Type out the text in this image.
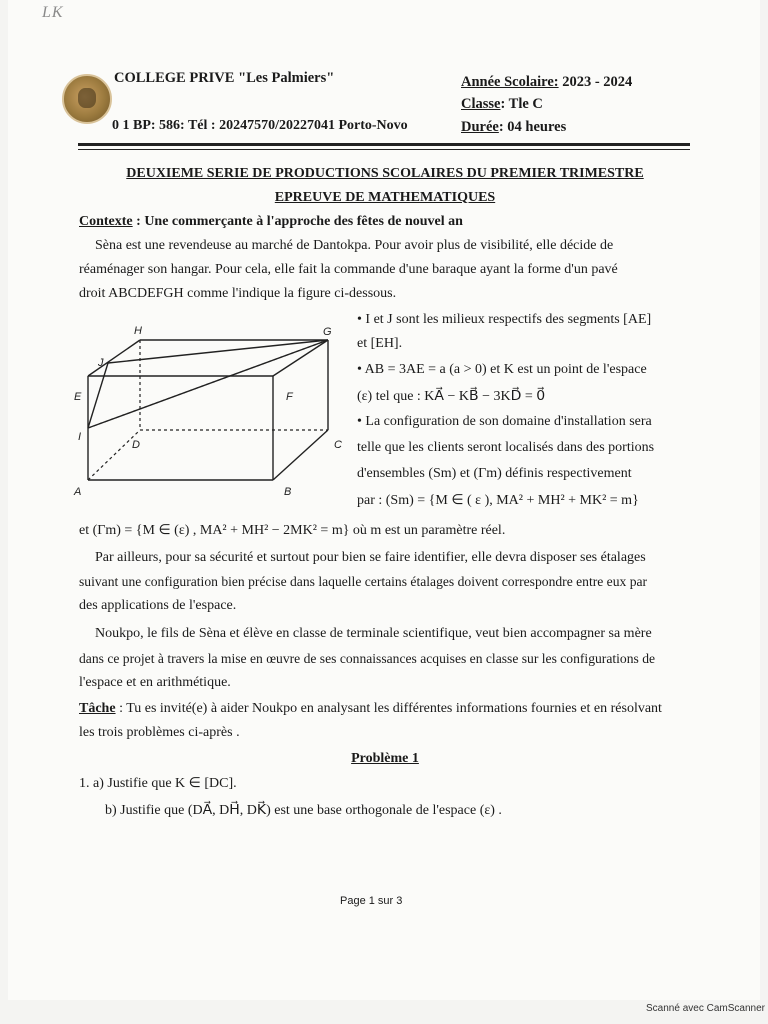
LK
COLLEGE PRIVE "Les Palmiers"
0 1 BP: 586: Tél : 20247570/20227041 Porto-Novo
Année Scolaire: 2023 - 2024
Classe: Tle C
Durée: 04 heures
DEUXIEME SERIE DE PRODUCTIONS SCOLAIRES DU PREMIER TRIMESTRE
EPREUVE DE MATHEMATIQUES
Contexte : Une commerçante à l'approche des fêtes de nouvel an
Sèna est une revendeuse au marché de Dantokpa. Pour avoir plus de visibilité, elle décide de
réaménager son hangar. Pour cela, elle fait la commande d'une baraque ayant la forme d'un pavé
droit ABCDEFGH comme l'indique la figure ci-dessous.
H	G
J
E	F
I
D	C
A	B
• I et J sont les milieux respectifs des segments [AE]
et [EH].
• AB = 3AE = a (a > 0) et K est un point de l'espace
(ε) tel que : KA⃗ − KB⃗ − 3KD⃗ = 0⃗
• La configuration de son domaine d'installation sera
telle que les clients seront localisés dans des portions
d'ensembles (Sm) et (Γm) définis respectivement
par : (Sm) = {M ∈ ( ε ), MA² + MH² + MK² = m}
et (Γm) = {M ∈ (ε) , MA² + MH² − 2MK² = m} où m est un paramètre réel.
Par ailleurs, pour sa sécurité et surtout pour bien se faire identifier, elle devra disposer ses étalages
suivant une configuration bien précise dans laquelle certains étalages doivent correspondre entre eux par
des applications de l'espace.
Noukpo, le fils de Sèna et élève en classe de terminale scientifique, veut bien accompagner sa mère
dans ce projet à travers la mise en œuvre de ses connaissances acquises en classe sur les configurations de
l'espace et en arithmétique.
Tâche : Tu es invité(e) à aider Noukpo en analysant les différentes informations fournies et en résolvant
les trois problèmes ci-après .
Problème 1
1. a) Justifie que K ∈ [DC].
b) Justifie que (DA⃗, DH⃗, DK⃗) est une base orthogonale de l'espace (ε) .
Page 1 sur 3
Scanné avec CamScanner
